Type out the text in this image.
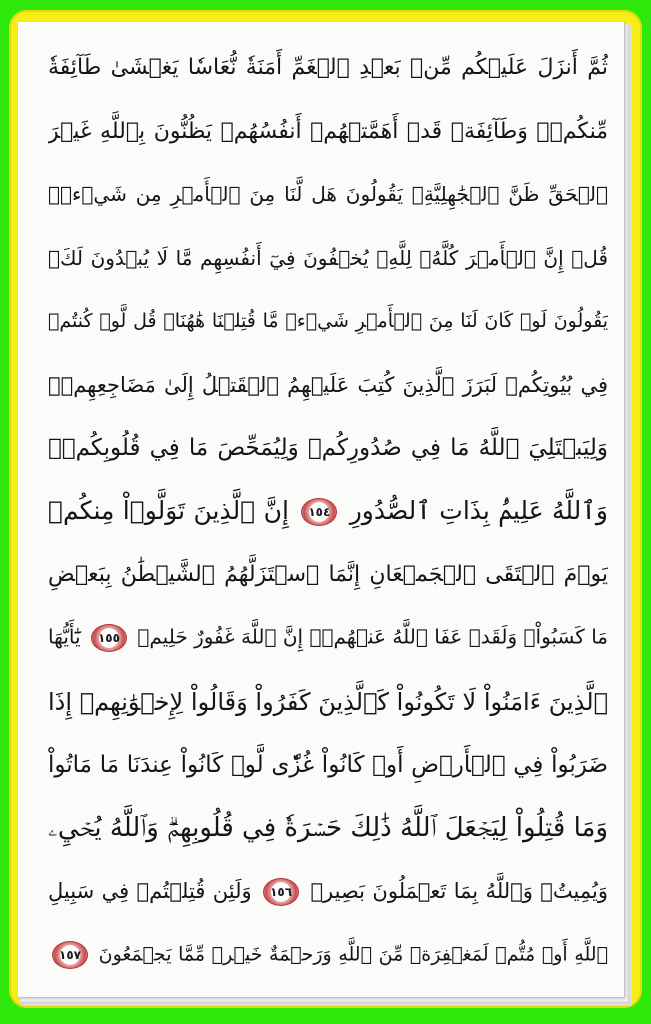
ثُمَّ أَنزَلَ عَلَيۡكُم مِّنۢ بَعۡدِ ٱلۡغَمِّ أَمَنَةٗ نُّعَاسٗا يَغۡشَىٰ طَآئِفَةٗ
مِّنكُمۡۖ وَطَآئِفَةٞ قَدۡ أَهَمَّتۡهُمۡ أَنفُسُهُمۡ يَظُنُّونَ بِٱللَّهِ غَيۡرَ
ٱلۡحَقِّ ظَنَّ ٱلۡجَٰهِلِيَّةِۖ يَقُولُونَ هَل لَّنَا مِنَ ٱلۡأَمۡرِ مِن شَيۡءٖۗ
قُلۡ إِنَّ ٱلۡأَمۡرَ كُلَّهُۥ لِلَّهِۗ يُخۡفُونَ فِيٓ أَنفُسِهِم مَّا لَا يُبۡدُونَ لَكَۖ
يَقُولُونَ لَوۡ كَانَ لَنَا مِنَ ٱلۡأَمۡرِ شَيۡءٞ مَّا قُتِلۡنَا هَٰهُنَاۗ قُل لَّوۡ كُنتُمۡ
فِي بُيُوتِكُمۡ لَبَرَزَ ٱلَّذِينَ كُتِبَ عَلَيۡهِمُ ٱلۡقَتۡلُ إِلَىٰ مَضَاجِعِهِمۡۖ
وَلِيَبۡتَلِيَ ٱللَّهُ مَا فِي صُدُورِكُمۡ وَلِيُمَحِّصَ مَا فِي قُلُوبِكُمۡۚ
وَٱللَّهُ عَلِيمُۢ بِذَاتِ ٱلصُّدُورِ ١٥٤ إِنَّ ٱلَّذِينَ تَوَلَّوۡاْ مِنكُمۡ
يَوۡمَ ٱلۡتَقَى ٱلۡجَمۡعَانِ إِنَّمَا ٱسۡتَزَلَّهُمُ ٱلشَّيۡطَٰنُ بِبَعۡضِ
مَا كَسَبُواْۖ وَلَقَدۡ عَفَا ٱللَّهُ عَنۡهُمۡۗ إِنَّ ٱللَّهَ غَفُورٌ حَلِيمٞ ١٥٥ يَٰٓأَيُّهَا
ٱلَّذِينَ ءَامَنُواْ لَا تَكُونُواْ كَٱلَّذِينَ كَفَرُواْ وَقَالُواْ لِإِخۡوَٰنِهِمۡ إِذَا
ضَرَبُواْ فِي ٱلۡأَرۡضِ أَوۡ كَانُواْ غُزّٗى لَّوۡ كَانُواْ عِندَنَا مَا مَاتُواْ
وَمَا قُتِلُواْ لِيَجۡعَلَ ٱللَّهُ ذَٰلِكَ حَسۡرَةٗ فِي قُلُوبِهِمۡۗ وَٱللَّهُ يُحۡيِۦ
وَيُمِيتُۗ وَٱللَّهُ بِمَا تَعۡمَلُونَ بَصِيرٞ ١٥٦ وَلَئِن قُتِلۡتُمۡ فِي سَبِيلِ
ٱللَّهِ أَوۡ مُتُّمۡ لَمَغۡفِرَةٞ مِّنَ ٱللَّهِ وَرَحۡمَةٌ خَيۡرٞ مِّمَّا يَجۡمَعُونَ ١٥٧
